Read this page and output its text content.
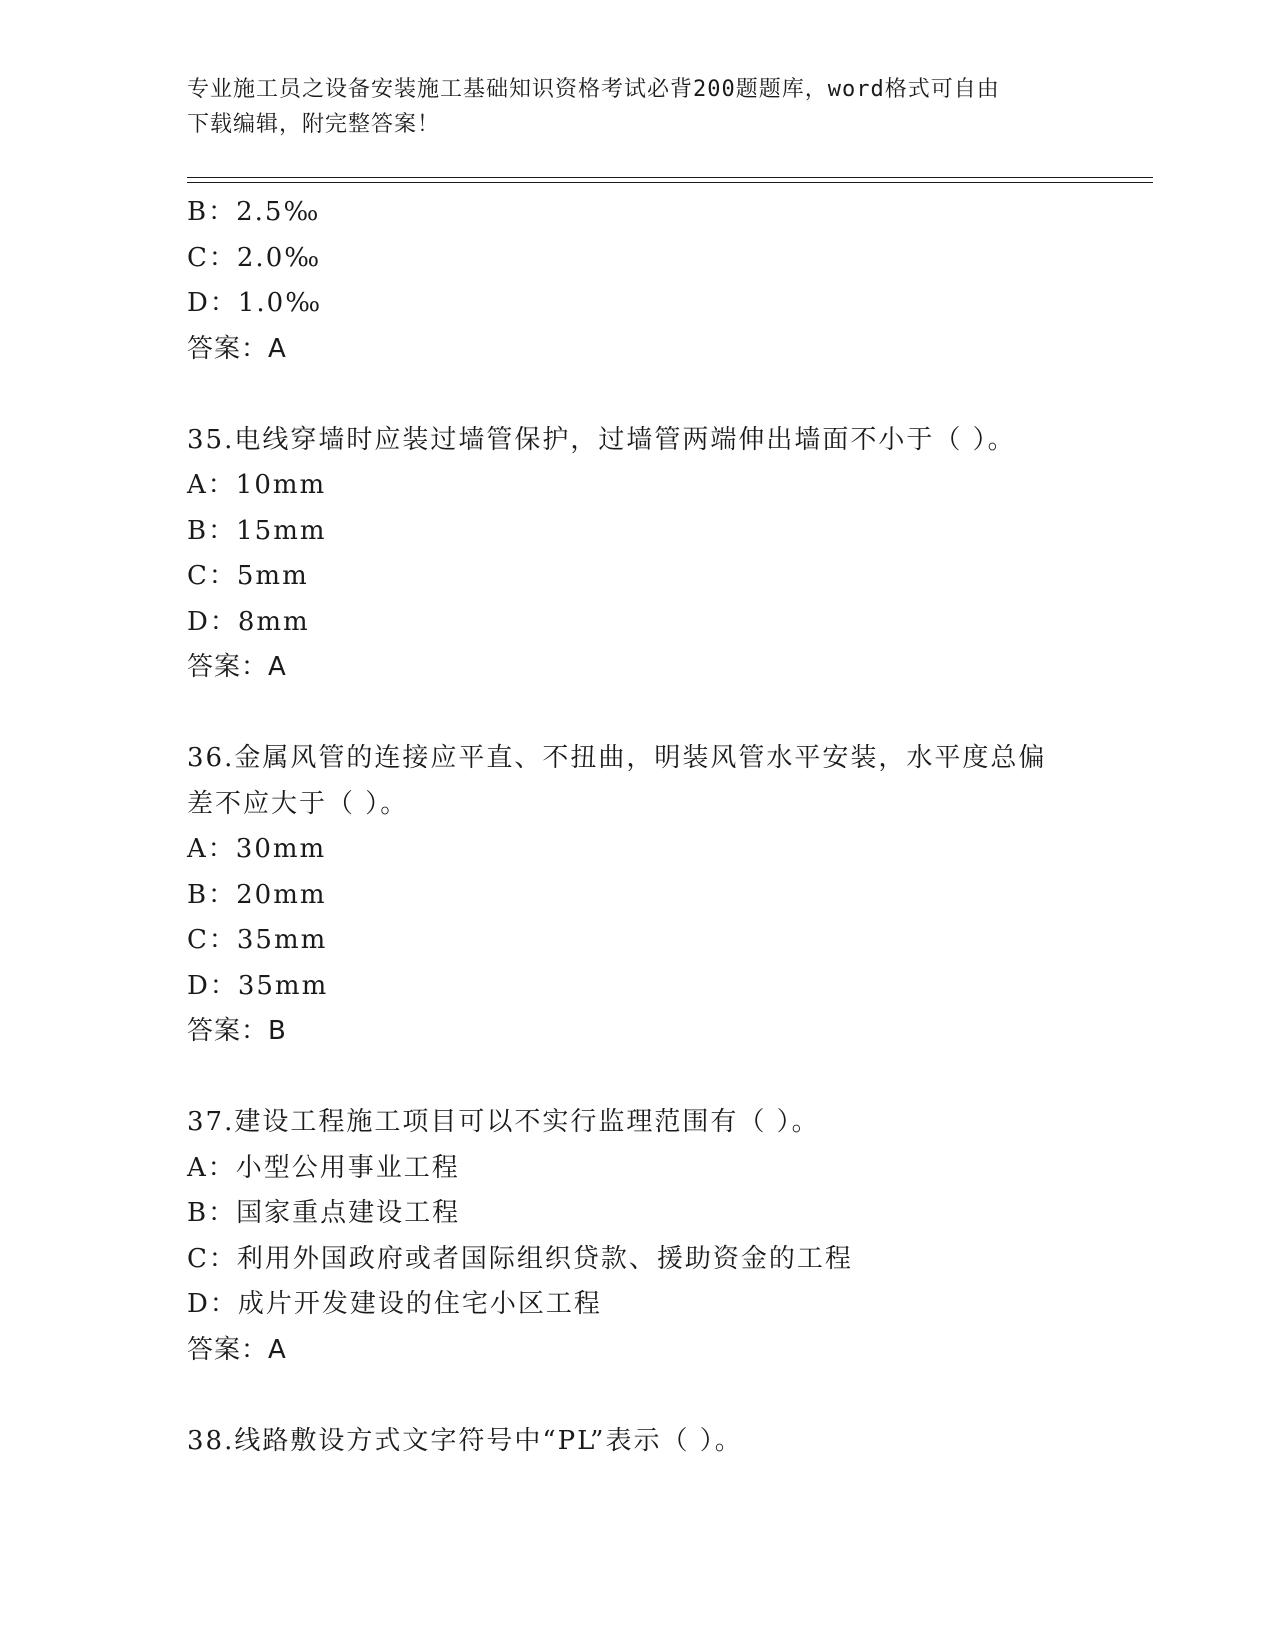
专业施工员之设备安装施工基础知识资格考试必背200题题库，word格式可自由
下载编辑，附完整答案！
B：2.5‰
C：2.0‰
D：1.0‰
答案：A
35.电线穿墙时应装过墙管保护，过墙管两端伸出墙面不小于（ ）。
A：10mm
B：15mm
C：5mm
D：8mm
答案：A
36.金属风管的连接应平直、不扭曲，明装风管水平安装，水平度总偏
差不应大于（ ）。
A：30mm
B：20mm
C：35mm
D：35mm
答案：B
37.建设工程施工项目可以不实行监理范围有（ ）。
A：小型公用事业工程
B：国家重点建设工程
C：利用外国政府或者国际组织贷款、援助资金的工程
D：成片开发建设的住宅小区工程
答案：A
38.线路敷设方式文字符号中“PL”表示（ ）。
